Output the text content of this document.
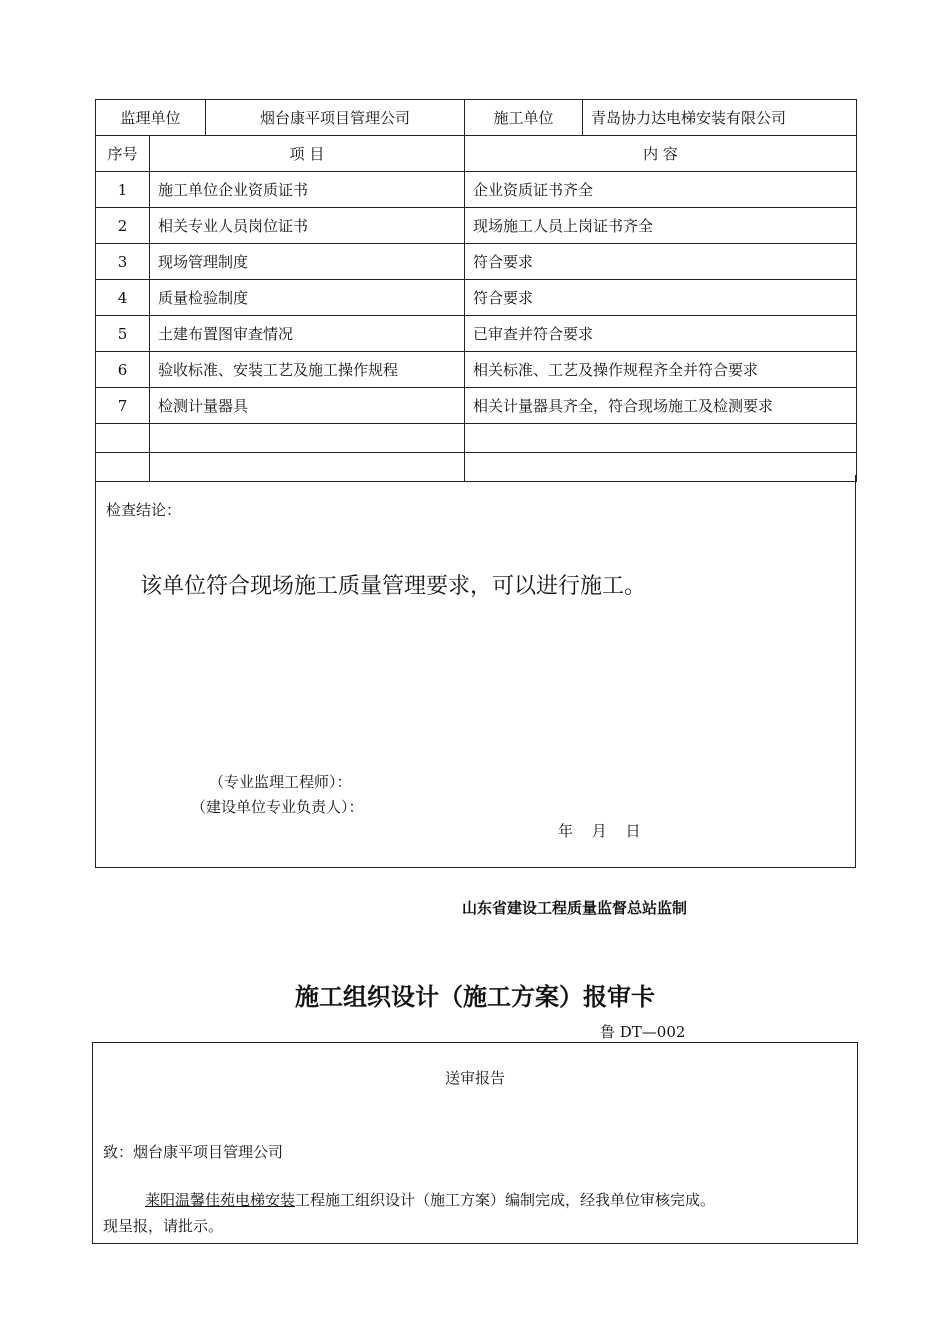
监理单位		烟台康平项目管理公司	施工单位	青岛协力达电梯安装有限公司
序号	项 目		内 容	
1	施工单位企业资质证书		企业资质证书齐全	
2	相关专业人员岗位证书		现场施工人员上岗证书齐全	
3	现场管理制度		符合要求	
4	质量检验制度		符合要求	
5	土建布置图审查情况		已审查并符合要求	
6	验收标准、安装工艺及施工操作规程		相关标准、工艺及操作规程齐全并符合要求	
7	检测计量器具		相关计量器具齐全，符合现场施工及检测要求	

检查结论：
该单位符合现场施工质量管理要求，可以进行施工。
（专业监理工程师）：
（建设单位专业负责人）：
年 月 日
山东省建设工程质量监督总站监制
施工组织设计（施工方案）报审卡
鲁 DT—002
送审报告
致：烟台康平项目管理公司
莱阳温馨佳苑电梯安装工程施工组织设计（施工方案）编制完成，经我单位审核完成。
现呈报，请批示。
